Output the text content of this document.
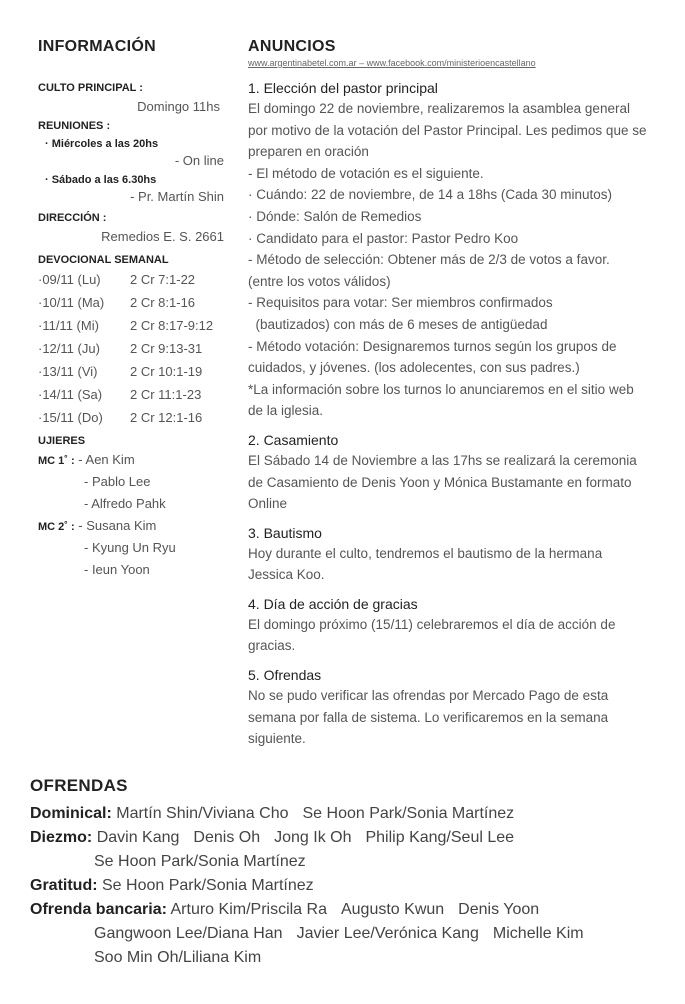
INFORMACIÓN
CULTO PRINCIPAL :
Domingo 11hs
REUNIONES :
· Miércoles a las 20hs
- On line
· Sábado a las 6.30hs
- Pr. Martín Shin
DIRECCIÓN :
Remedios E. S. 2661
DEVOCIONAL SEMANAL
·09/11 (Lu)	2 Cr 7:1-22
·10/11 (Ma)	2 Cr 8:1-16
·11/11 (Mi)	2 Cr 8:17-9:12
·12/11 (Ju)	2 Cr 9:13-31
·13/11 (Vi)	2 Cr 10:1-19
·14/11 (Sa)	2 Cr 11:1-23
·15/11 (Do)	2 Cr 12:1-16
UJIERES
MC 1˚ : - Aen Kim
- Pablo Lee
- Alfredo Pahk
MC 2˚ : - Susana Kim
- Kyung Un Ryu
- Ieun Yoon
ANUNCIOS
www.argentinabetel.com.ar – www.facebook.com/ministerioencastellano
1. Elección del pastor principal

El domingo 22 de noviembre, realizaremos la asamblea general por motivo de la votación del Pastor Principal. Les pedimos que se preparen en oración
- El método de votación es el siguiente.
· Cuándo: 22 de noviembre, de 14 a 18hs (Cada 30 minutos)
· Dónde: Salón de Remedios
· Candidato para el pastor: Pastor Pedro Koo
- Método de selección: Obtener más de 2/3 de votos a favor. (entre los votos válidos)
- Requisitos para votar: Ser miembros confirmados
(bautizados) con más de 6 meses de antigüedad
- Método votación: Designaremos turnos según los grupos de cuidados, y jóvenes. (los adolecentes, con sus padres.)
*La información sobre los turnos lo anunciaremos en el sitio web de la iglesia.

2. Casamiento

El Sábado 14 de Noviembre a las 17hs se realizará la ceremonia de Casamiento de Denis Yoon y Mónica Bustamante en formato Online

3. Bautismo

Hoy durante el culto, tendremos el bautismo de la hermana Jessica Koo.

4. Día de acción de gracias

El domingo próximo (15/11) celebraremos el día de acción de gracias.

5. Ofrendas

No se pudo verificar las ofrendas por Mercado Pago de esta semana por falla de sistema. Lo verificaremos en la semana siguiente.

OFRENDAS
Dominical: Martín Shin/Viviana Cho Se Hoon Park/Sonia Martínez
Diezmo: Davin Kang Denis Oh Jong Ik Oh Philip Kang/Seul Lee
Se Hoon Park/Sonia Martínez
Gratitud: Se Hoon Park/Sonia Martínez
Ofrenda bancaria: Arturo Kim/Priscila Ra Augusto Kwun Denis Yoon
Gangwoon Lee/Diana Han Javier Lee/Verónica Kang Michelle Kim
Soo Min Oh/Liliana Kim
